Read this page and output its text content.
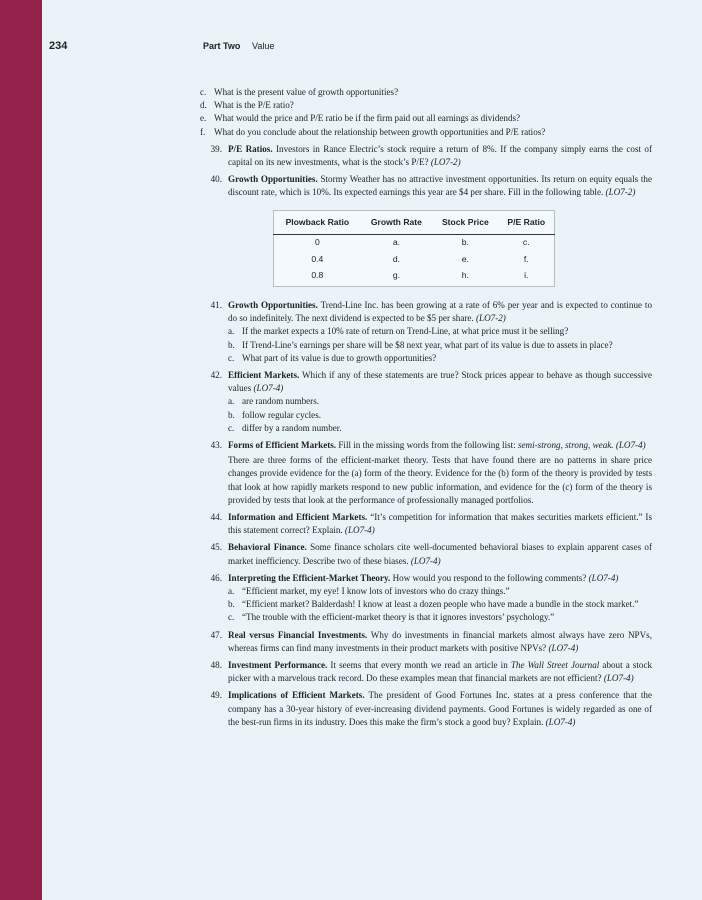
234	Part Two Value
c. What is the present value of growth opportunities?
d. What is the P/E ratio?
e. What would the price and P/E ratio be if the firm paid out all earnings as dividends?
f. What do you conclude about the relationship between growth opportunities and P/E ratios?
39. P/E Ratios. Investors in Rance Electric’s stock require a return of 8%. If the company simply earns the cost of capital on its new investments, what is the stock’s P/E? (LO7-2)
40. Growth Opportunities. Stormy Weather has no attractive investment opportunities. Its return on equity equals the discount rate, which is 10%. Its expected earnings this year are $4 per share. Fill in the following table. (LO7-2)
Plowback Ratio	Growth Rate	Stock Price	P/E Ratio
0	a.	b.	c.
0.4	d.	e.	f.
0.8	g.	h.	i.
41. Growth Opportunities. Trend-Line Inc. has been growing at a rate of 6% per year and is expected to continue to do so indefinitely. The next dividend is expected to be $5 per share. (LO7-2)
a. If the market expects a 10% rate of return on Trend-Line, at what price must it be selling?
b. If Trend-Line’s earnings per share will be $8 next year, what part of its value is due to assets in place?
c. What part of its value is due to growth opportunities?
42. Efficient Markets. Which if any of these statements are true? Stock prices appear to behave as though successive values (LO7-4)
a. are random numbers.
b. follow regular cycles.
c. differ by a random number.
43. Forms of Efficient Markets. Fill in the missing words from the following list: semi-strong, strong, weak. (LO7-4)
There are three forms of the efficient-market theory. Tests that have found there are no patterns in share price changes provide evidence for the (a) form of the theory. Evidence for the (b) form of the theory is provided by tests that look at how rapidly markets respond to new public information, and evidence for the (c) form of the theory is provided by tests that look at the performance of professionally managed portfolios.
44. Information and Efficient Markets. “It’s competition for information that makes securities markets efficient.” Is this statement correct? Explain. (LO7-4)
45. Behavioral Finance. Some finance scholars cite well-documented behavioral biases to explain apparent cases of market inefficiency. Describe two of these biases. (LO7-4)
46. Interpreting the Efficient-Market Theory. How would you respond to the following comments? (LO7-4)
a. “Efficient market, my eye! I know lots of investors who do crazy things.”
b. “Efficient market? Balderdash! I know at least a dozen people who have made a bundle in the stock market.”
c. “The trouble with the efficient-market theory is that it ignores investors’ psychology.”
47. Real versus Financial Investments. Why do investments in financial markets almost always have zero NPVs, whereas firms can find many investments in their product markets with positive NPVs? (LO7-4)
48. Investment Performance. It seems that every month we read an article in The Wall Street Journal about a stock picker with a marvelous track record. Do these examples mean that financial markets are not efficient? (LO7-4)
49. Implications of Efficient Markets. The president of Good Fortunes Inc. states at a press conference that the company has a 30-year history of ever-increasing dividend payments. Good Fortunes is widely regarded as one of the best-run firms in its industry. Does this make the firm’s stock a good buy? Explain. (LO7-4)
